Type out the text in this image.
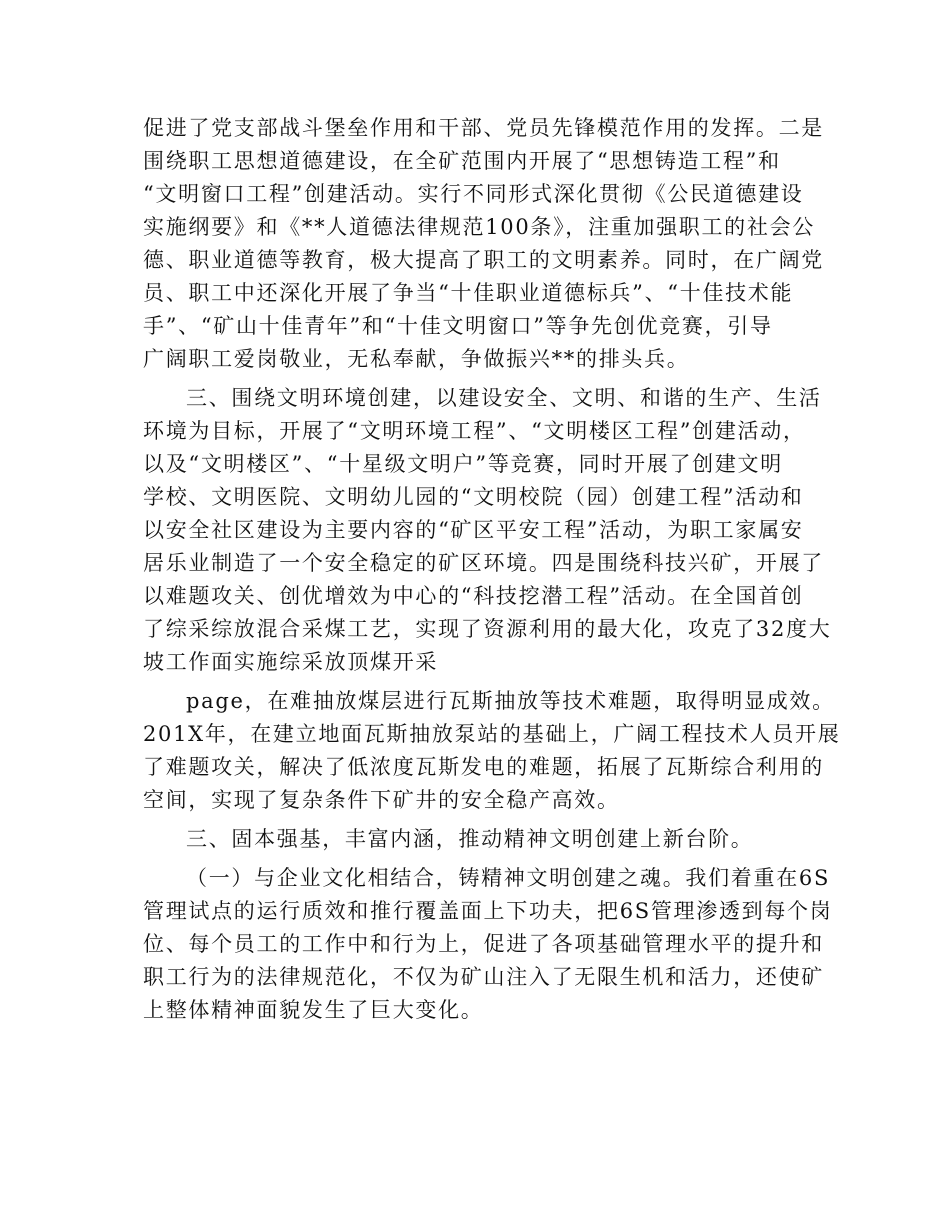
促进了党支部战斗堡垒作用和干部、党员先锋模范作用的发挥。二是
围绕职工思想道德建设，在全矿范围内开展了“思想铸造工程”和
“文明窗口工程”创建活动。实行不同形式深化贯彻《公民道德建设
实施纲要》和《**人道德法律规范100条》，注重加强职工的社会公
德、职业道德等教育，极大提高了职工的文明素养。同时，在广阔党
员、职工中还深化开展了争当“十佳职业道德标兵”、“十佳技术能
手”、“矿山十佳青年”和“十佳文明窗口”等争先创优竞赛，引导
广阔职工爱岗敬业，无私奉献，争做振兴**的排头兵。
三、围绕文明环境创建，以建设安全、文明、和谐的生产、生活
环境为目标，开展了“文明环境工程”、“文明楼区工程”创建活动，
以及“文明楼区”、“十星级文明户”等竞赛，同时开展了创建文明
学校、文明医院、文明幼儿园的“文明校院（园）创建工程”活动和
以安全社区建设为主要内容的“矿区平安工程”活动，为职工家属安
居乐业制造了一个安全稳定的矿区环境。四是围绕科技兴矿，开展了
以难题攻关、创优增效为中心的“科技挖潜工程”活动。在全国首创
了综采综放混合采煤工艺，实现了资源利用的最大化，攻克了32度大
坡工作面实施综采放顶煤开采
page，在难抽放煤层进行瓦斯抽放等技术难题，取得明显成效。
201X年，在建立地面瓦斯抽放泵站的基础上，广阔工程技术人员开展
了难题攻关，解决了低浓度瓦斯发电的难题，拓展了瓦斯综合利用的
空间，实现了复杂条件下矿井的安全稳产高效。
三、固本强基，丰富内涵，推动精神文明创建上新台阶。
（一）与企业文化相结合，铸精神文明创建之魂。我们着重在6S
管理试点的运行质效和推行覆盖面上下功夫，把6S管理渗透到每个岗
位、每个员工的工作中和行为上，促进了各项基础管理水平的提升和
职工行为的法律规范化，不仅为矿山注入了无限生机和活力，还使矿
上整体精神面貌发生了巨大变化。
